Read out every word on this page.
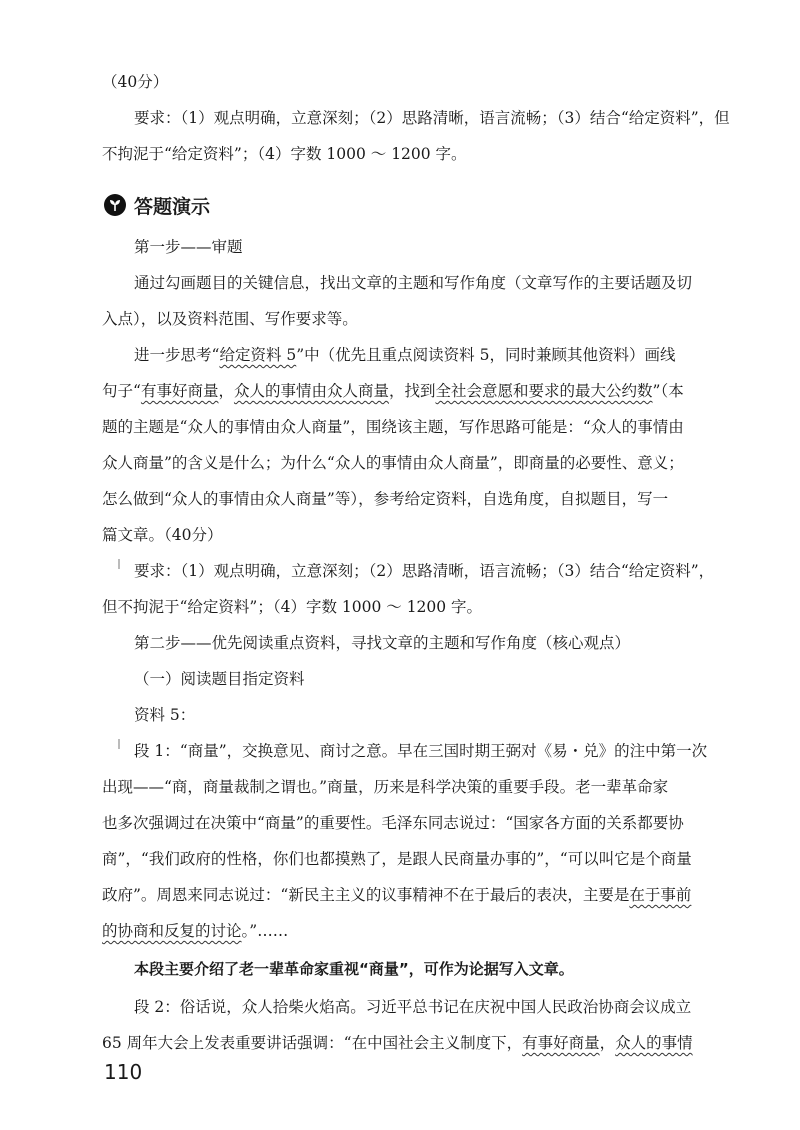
（40分）

要求：（1）观点明确，立意深刻；（2）思路清晰，语言流畅；（3）结合“给定资料”，但

不拘泥于“给定资料”；（4）字数 1000 ～ 1200 字。

答题演示

第一步——审题

通过勾画题目的关键信息，找出文章的主题和写作角度（文章写作的主要话题及切

入点），以及资料范围、写作要求等。

进一步思考“给定资料 5”中（优先且重点阅读资料 5，同时兼顾其他资料）画线

句子“有事好商量，众人的事情由众人商量，找到全社会意愿和要求的最大公约数”（本

题的主题是“众人的事情由众人商量”，围绕该主题，写作思路可能是：“众人的事情由

众人商量”的含义是什么；为什么“众人的事情由众人商量”，即商量的必要性、意义；

怎么做到“众人的事情由众人商量”等），参考给定资料，自选角度，自拟题目，写一

篇文章。（40分）

要求：（1）观点明确，立意深刻；（2）思路清晰，语言流畅；（3）结合“给定资料”，

但不拘泥于“给定资料”；（4）字数 1000 ～ 1200 字。

第二步——优先阅读重点资料，寻找文章的主题和写作角度（核心观点）

（一）阅读题目指定资料

资料 5：

段 1：“商量”，交换意见、商讨之意。早在三国时期王弼对《易・兑》的注中第一次

出现——“商，商量裁制之谓也。”商量，历来是科学决策的重要手段。老一辈革命家

也多次强调过在决策中“商量”的重要性。毛泽东同志说过：“国家各方面的关系都要协

商”，“我们政府的性格，你们也都摸熟了，是跟人民商量办事的”，“可以叫它是个商量

政府”。周恩来同志说过：“新民主主义的议事精神不在于最后的表决，主要是在于事前

的协商和反复的讨论。”……

本段主要介绍了老一辈革命家重视“商量”，可作为论据写入文章。

段 2：俗话说，众人拾柴火焰高。习近平总书记在庆祝中国人民政治协商会议成立

65 周年大会上发表重要讲话强调：“在中国社会主义制度下，有事好商量，众人的事情

110
